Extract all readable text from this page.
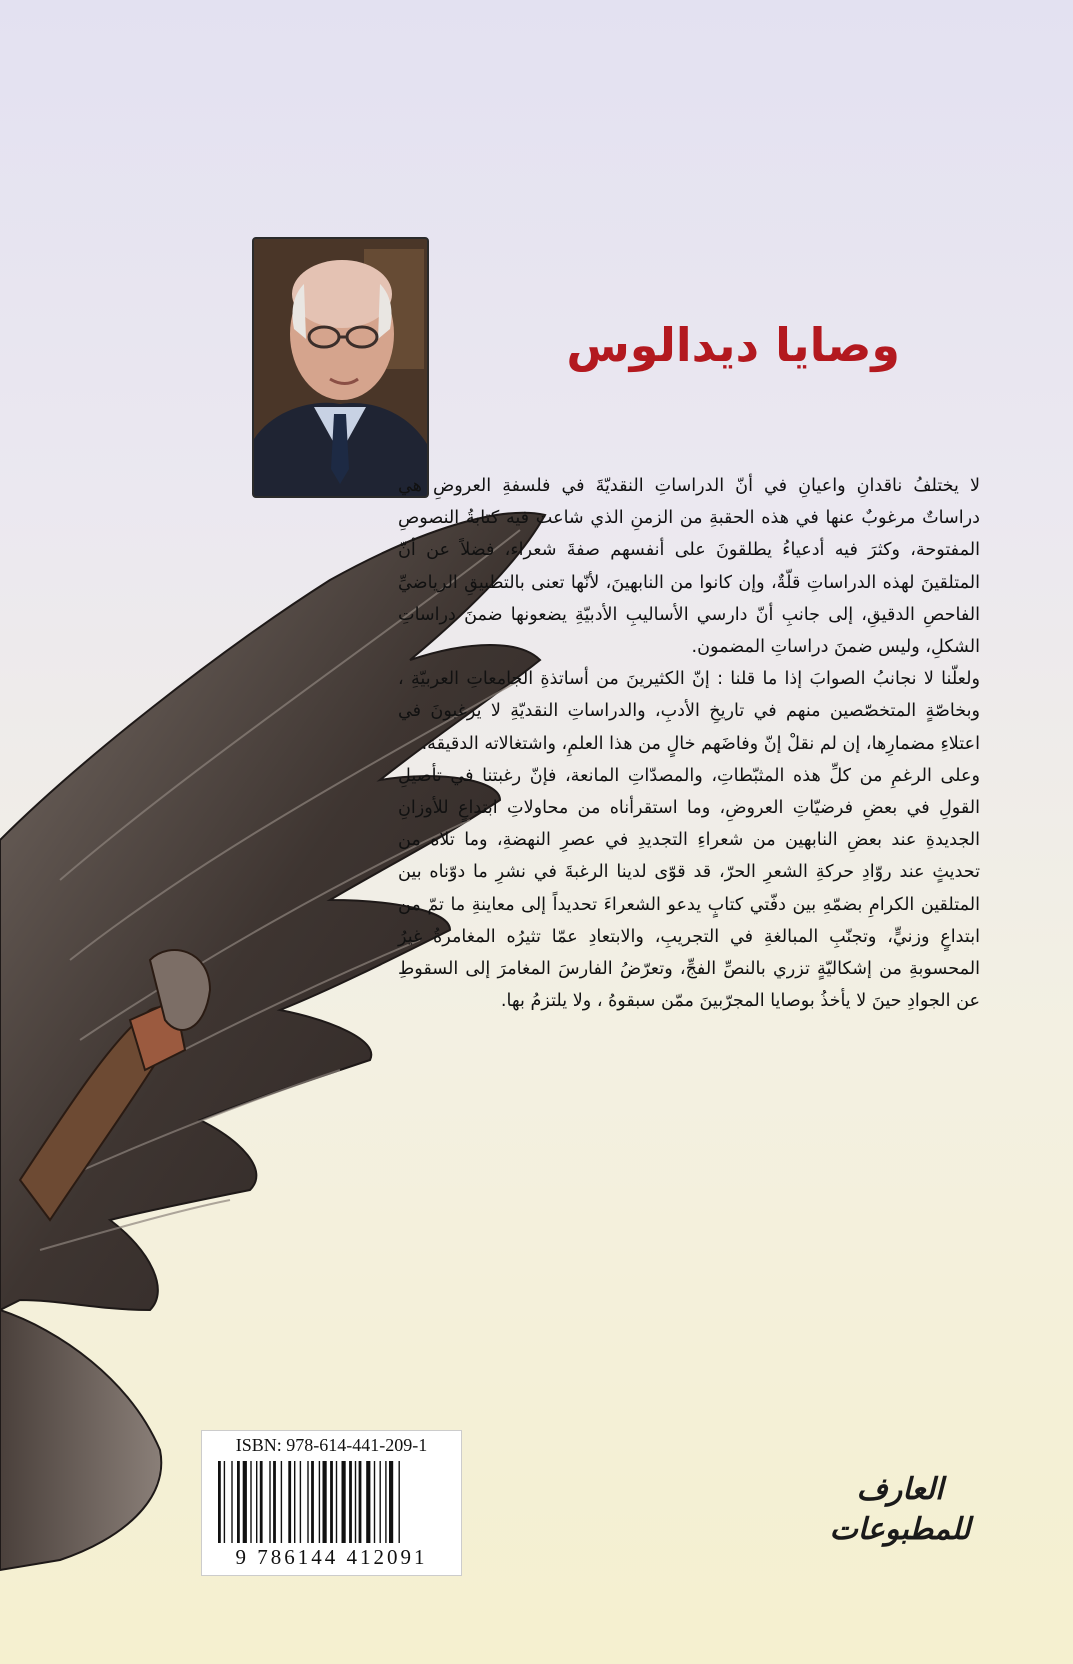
وصايا ديدالوس

لا يختلفُ ناقدانِ واعيانِ في أنّ الدراساتِ النقديّةَ في فلسفةِ العروضِ هي دراساتٌ مرغوبٌ عنها في هذه الحقبةِ من الزمنِ الذي شاعت فيه كتابةُ النصوصِ المفتوحة، وكثرَ فيه أدعياءُ يطلقونَ على أنفسهم صفةَ شعراء، فضلاً عن أنّ المتلقينَ لهذه الدراساتِ قلّةٌ، وإن كانوا من النابهينَ، لأنّها تعنى بالتطبيقِ الرياضيِّ الفاحصِ الدقيقِ، إلى جانبِ أنّ دارسي الأساليبِ الأدبيّةِ يضعونها ضمنَ دراساتِ الشكلِ، وليس ضمنَ دراساتِ المضمون.

ولعلّنا لا نجانبُ الصوابَ إذا ما قلنا : إنّ الكثيرينَ من أساتذةِ الجامعاتِ العربيّةِ ، وبخاصّةٍ المتخصّصين منهم في تاريخِ الأدبِ، والدراساتِ النقديّةِ لا يرغبونَ في اعتلاءِ مضمارِها، إن لم نقلْ إنّ وفاضَهم خالٍ من هذا العلمِ، واشتغالاته الدقيقة.

وعلى الرغمِ من كلِّ هذه المثبّطاتِ، والمصدّاتِ المانعة، فإنّ رغبتنا في تأصيلِ القولِ في بعضِ فرضيّاتِ العروضِ، وما استقرأناه من محاولاتِ ابتداعٍ للأوزانِ الجديدةِ عند بعضِ النابهين من شعراءِ التجديدِ في عصرِ النهضةِ، وما تلاه من تحديثٍ عند روّادِ حركةِ الشعرِ الحرّ، قد قوّى لدينا الرغبةَ في نشرِ ما دوّناه بين المتلقين الكرامِ بضمّهِ بين دفّتي كتابٍ يدعو الشعراءَ تحديداً إلى معاينةِ ما تمّ من ابتداعٍ وزنيٍّ، وتجنّبِ المبالغةِ في التجريبِ، والابتعادِ عمّا تثيرُه المغامرةُ غيرُ المحسوبةِ من إشكاليّةٍ تزري بالنصِّ الفجِّ، وتعرّضُ الفارسَ المغامرَ إلى السقوطِ عن الجوادِ حينَ لا يأخذُ بوصايا المجرّبينَ ممّن سبقوهُ ، ولا يلتزمُ بها.

ISBN: 978-614-441-209-1
9 786144 412091
العارف
للمطبوعات
